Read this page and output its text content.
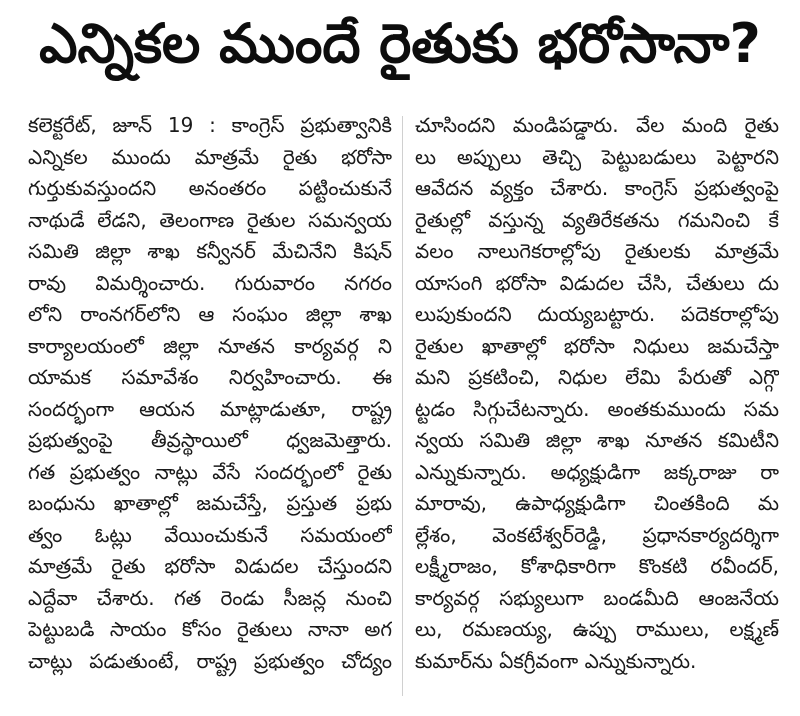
ఎన్నికల ముందే రైతుకు భరోసానా?
కలెక్టరేట్‌, జూన్‌ 19 : కాంగ్రెస్‌ ప్రభుత్వానికి
ఎన్నికల ముందు మాత్రమే రైతు భరోసా
గుర్తుకువస్తుందని అనంతరం పట్టించుకునే
నాథుడే లేడని, తెలంగాణ రైతుల సమన్వయ
సమితి జిల్లా శాఖ కన్వీనర్‌ మేచినేని కిషన్‌
రావు విమర్శించారు. గురువారం నగరం
లోని రాంనగర్‌లోని ఆ సంఘం జిల్లా శాఖ
కార్యాలయంలో జిల్లా నూతన కార్యవర్గ ని
యామక సమావేశం నిర్వహించారు. ఈ
సందర్భంగా ఆయన మాట్లాడుతూ, రాష్ట్ర
ప్రభుత్వంపై తీవ్రస్థాయిలో ధ్వజమెత్తారు.
గత ప్రభుత్వం నాట్లు వేసే సందర్భంలో రైతు
బంధును ఖాతాల్లో జమచేస్తే, ప్రస్తుత ప్రభు
త్వం ఓట్లు వేయించుకునే సమయంలో
మాత్రమే రైతు భరోసా విడుదల చేస్తుందని
ఎద్దేవా చేశారు. గత రెండు సీజన్ల నుంచి
పెట్టుబడి సాయం కోసం రైతులు నానా అగ
చాట్లు పడుతుంటే, రాష్ట్ర ప్రభుత్వం చోద్యం
చూసిందని మండిపడ్డారు. వేల మంది రైతు
లు అప్పులు తెచ్చి పెట్టుబడులు పెట్టారని
ఆవేదన వ్యక్తం చేశారు. కాంగ్రెస్‌ ప్రభుత్వంపై
రైతుల్లో వస్తున్న వ్యతిరేకతను గమనించి కే
వలం నాలుగెకరాల్లోపు రైతులకు మాత్రమే
యాసంగి భరోసా విడుదల చేసి, చేతులు దు
లుపుకుందని దుయ్యబట్టారు. పదెకరాల్లోపు
రైతుల ఖాతాల్లో భరోసా నిధులు జమచేస్తా
మని ప్రకటించి, నిధుల లేమి పేరుతో ఎగ్గొ
ట్టడం సిగ్గుచేటన్నారు. అంతకుముందు సమ
న్వయ సమితి జిల్లా శాఖ నూతన కమిటీని
ఎన్నుకున్నారు. అధ్యక్షుడిగా జక్కరాజు రా
మారావు, ఉపాధ్యక్షుడిగా చింతకింది మ
ల్లేశం, వెంకటేశ్వర్‌రెడ్డి, ప్రధానకార్యదర్శిగా
లక్ష్మీరాజం, కోశాధికారిగా కొంకటి రవీందర్‌,
కార్యవర్గ సభ్యులుగా బండమీది ఆంజనేయ
లు, రమణయ్య, ఉప్పు రాములు, లక్ష్మణ్‌
కుమార్‌ను ఏకగ్రీవంగా ఎన్నుకున్నారు.
